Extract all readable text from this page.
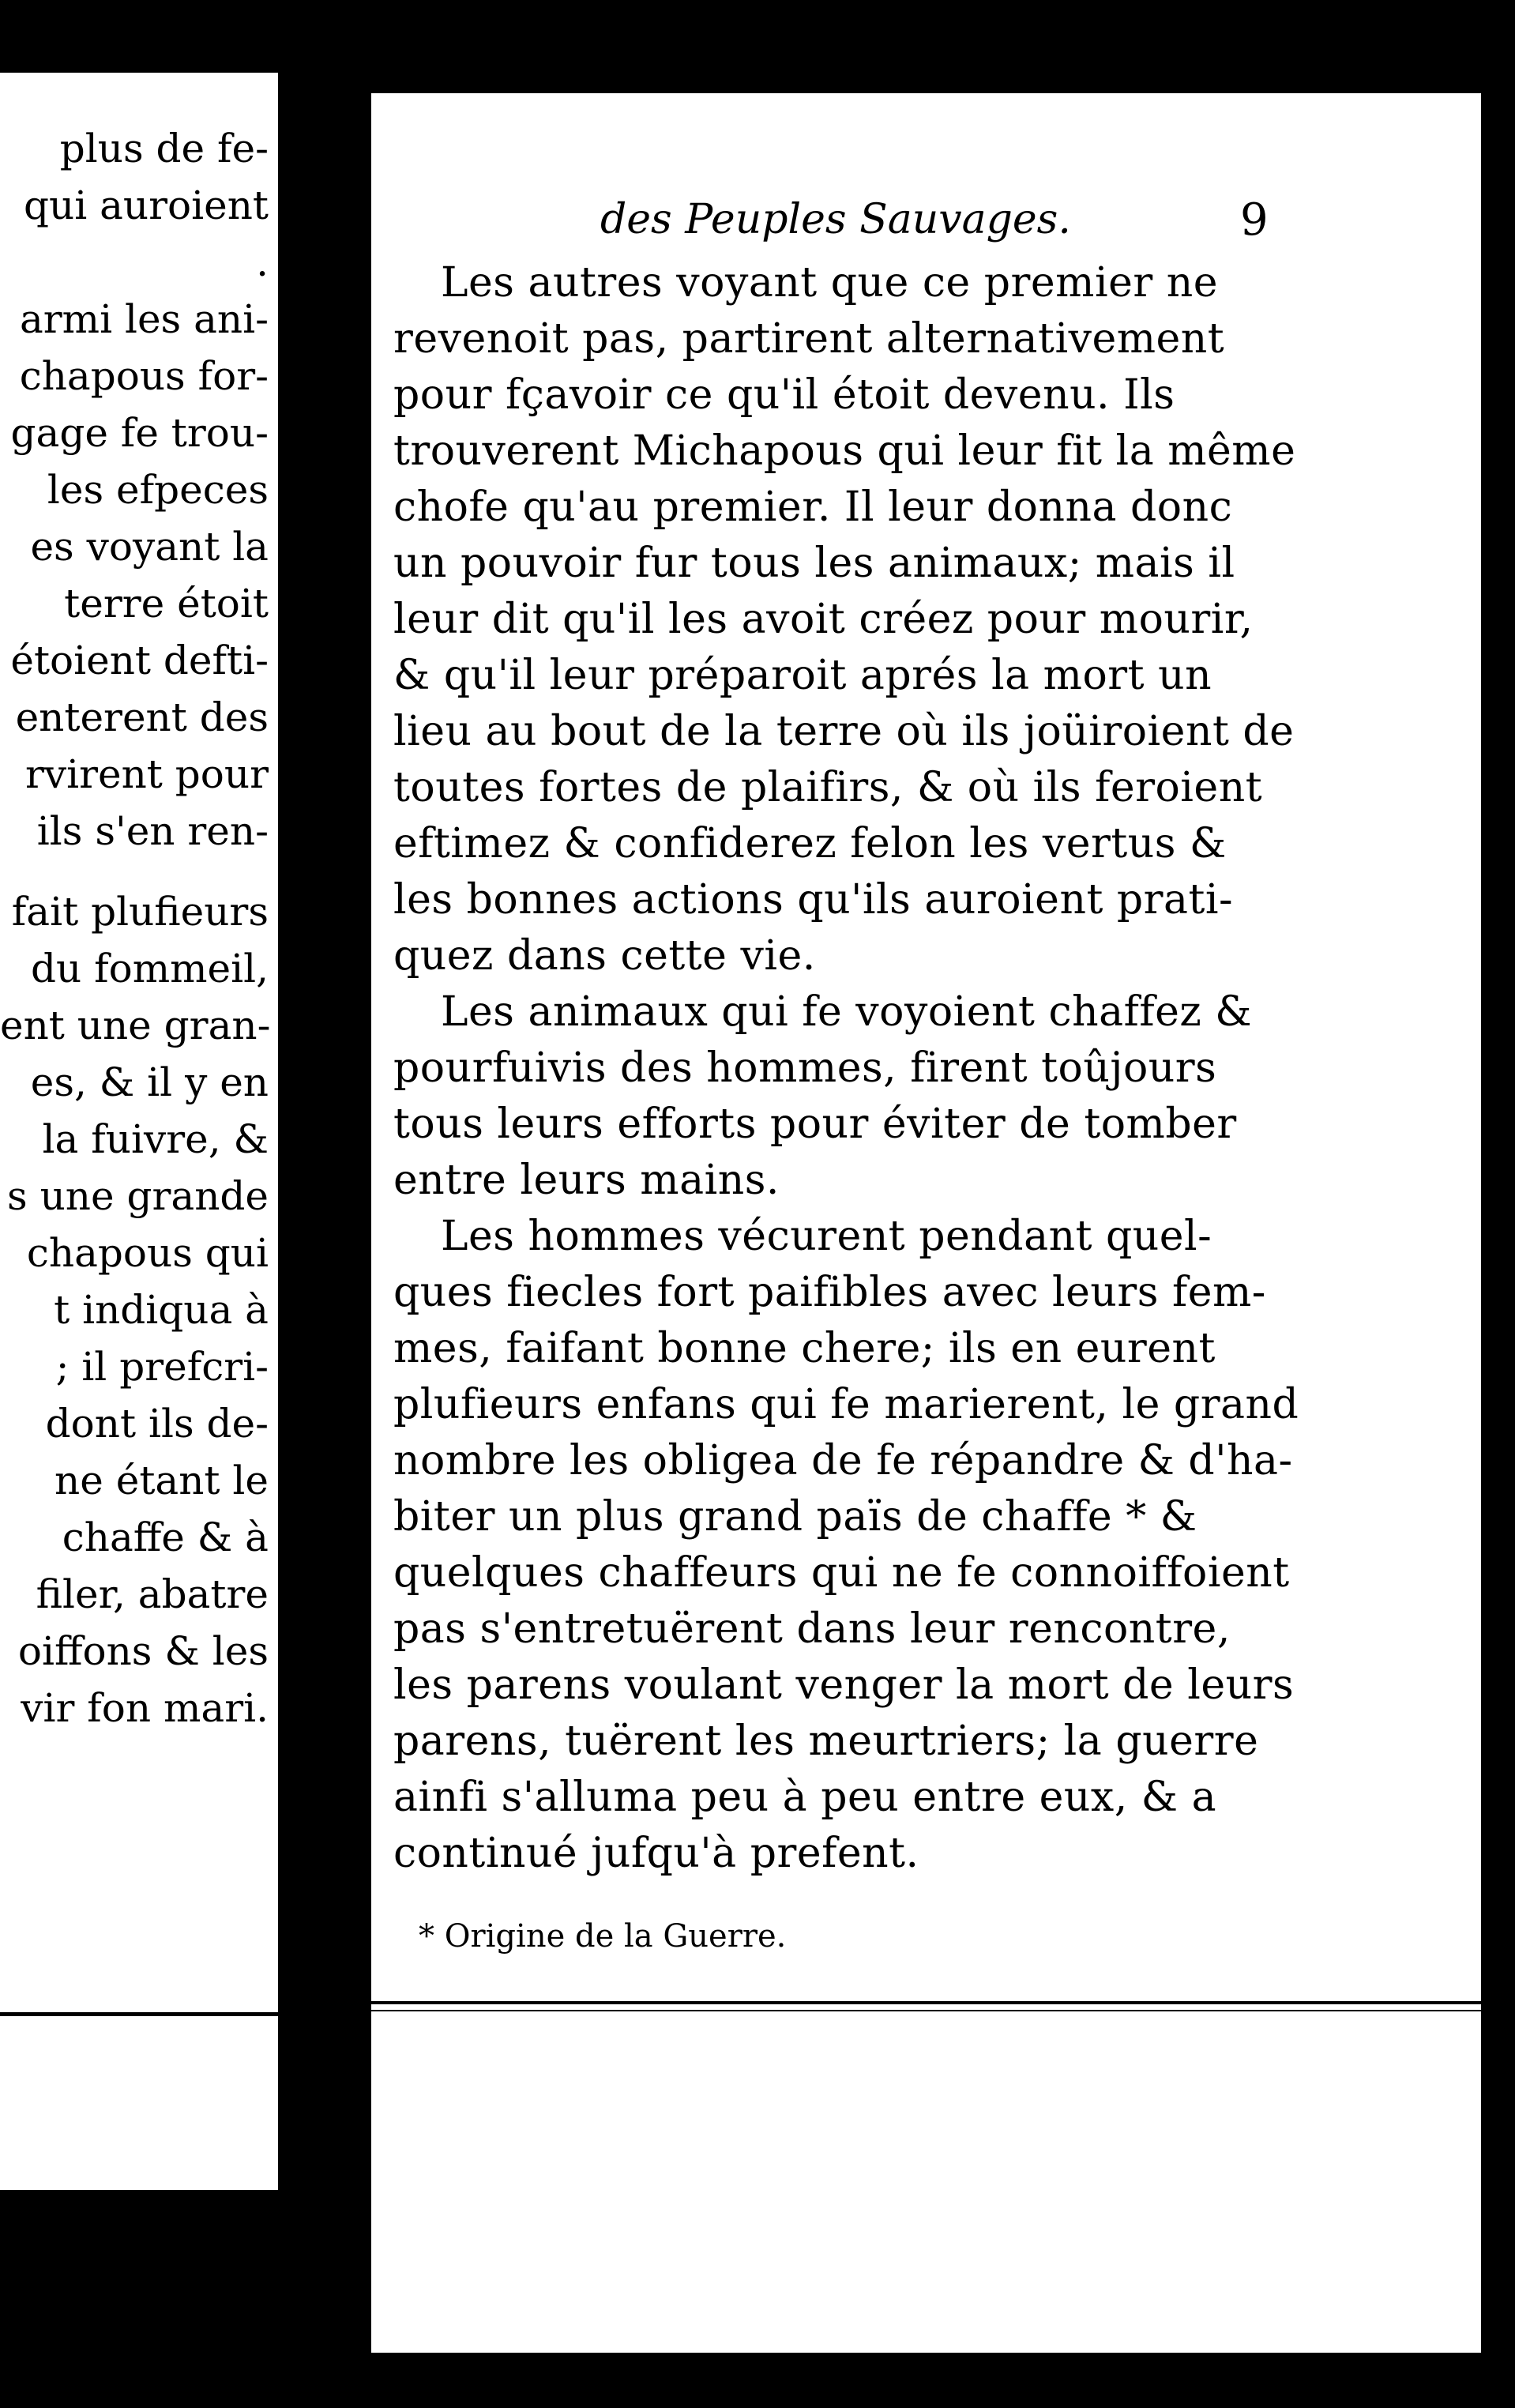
plus de fe-
qui auroient
.
armi les ani-
chapous for-
gage fe trou-
les efpeces
es voyant la
terre étoit
étoient defti-
enterent des
rvirent pour
ils s'en ren-
fait plufieurs
du fommeil,
ent une gran-
es, & il y en
la fuivre, &
s une grande
chapous qui
t indiqua à
; il prefcri-
dont ils de-
ne étant le
chaffe & à
filer, abatre
oiffons & les
vir fon mari.
des Peuples Sauvages.	9

Les autres voyant que ce premier ne

revenoit pas, partirent alternativement

pour fçavoir ce qu'il étoit devenu. Ils

trouverent Michapous qui leur fit la même

chofe qu'au premier. Il leur donna donc

un pouvoir fur tous les animaux; mais il

leur dit qu'il les avoit créez pour mourir,

& qu'il leur préparoit aprés la mort un

lieu au bout de la terre où ils joüiroient de

toutes fortes de plaifirs, & où ils feroient

eftimez & confiderez felon les vertus &

les bonnes actions qu'ils auroient prati-

quez dans cette vie.

Les animaux qui fe voyoient chaffez &

pourfuivis des hommes, firent toûjours

tous leurs efforts pour éviter de tomber

entre leurs mains.

Les hommes vécurent pendant quel-

ques fiecles fort paifibles avec leurs fem-

mes, faifant bonne chere; ils en eurent

plufieurs enfans qui fe marierent, le grand

nombre les obligea de fe répandre & d'ha-

biter un plus grand païs de chaffe * &

quelques chaffeurs qui ne fe connoiffoient

pas s'entretuërent dans leur rencontre,

les parens voulant venger la mort de leurs

parens, tuërent les meurtriers; la guerre

ainfi s'alluma peu à peu entre eux, & a

continué jufqu'à prefent.

* Origine de la Guerre.
